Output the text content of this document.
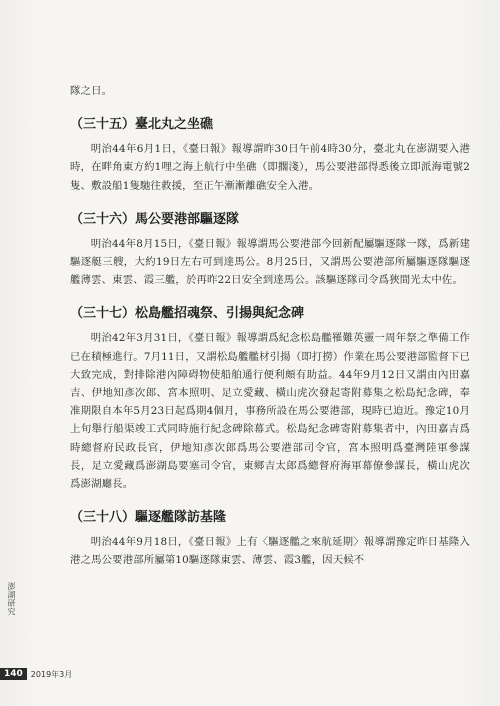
隊之日。

（三十五）臺北丸之坐礁

明治44年6月1日，《臺日報》報導謂昨30日午前4時30分，臺北丸在澎湖要入港時，在畔角東方約1哩之海上航行中坐礁（即擱淺），馬公要港部得悉後立即派海電號2隻、敷設船1隻馳往救援，至正午漸漸離礁安全入港。

（三十六）馬公要港部驅逐隊

明治44年8月15日，《臺日報》報導謂馬公要港部今回新配屬驅逐隊一隊，爲新建驅逐艇三艘，大約19日左右可到達馬公。8月25日，又謂馬公要港部所屬驅逐隊驅逐艦薄雲、東雲、霞三艦，於再昨22日安全到達馬公。該驅逐隊司令爲狹間光太中佐。

（三十七）松島艦招魂祭、引揚與紀念碑

明治42年3月31日，《臺日報》報導謂爲紀念松島艦罹難英靈一周年祭之準備工作已在積極進行。7月11日，又謂松島艦艦材引揚（即打撈）作業在馬公要港部監督下已大致完成，對排除港內障碍物使船舶通行便利頗有助益。44年9月12日又謂由內田嘉吉、伊地知彥次郎、宮本照明、足立愛藏、橫山虎次發起寄附募集之松島紀念碑，奉准期限自本年5月23日起爲期4個月，事務所設在馬公要港部，現時已迫近。豫定10月上旬舉行船渠竣工式同時施行紀念碑除幕式。松島紀念碑寄附募集者中，內田嘉吉爲時總督府民政長官，伊地知彥次郎爲馬公要港部司令官，宮本照明爲臺灣陸軍參謀長，足立愛藏爲澎湖島要塞司令官，東鄉吉太郎爲總督府海軍幕僚參謀長，橫山虎次爲澎湖廳長。

（三十八）驅逐艦隊訪基隆

明治44年9月18日，《臺日報》上有〈驅逐艦之來航延期〉報導謂豫定昨日基隆入港之馬公要港部所屬第10驅逐隊東雲、薄雲、霞3艦，因天候不

澎湖研究
140	2019年3月
